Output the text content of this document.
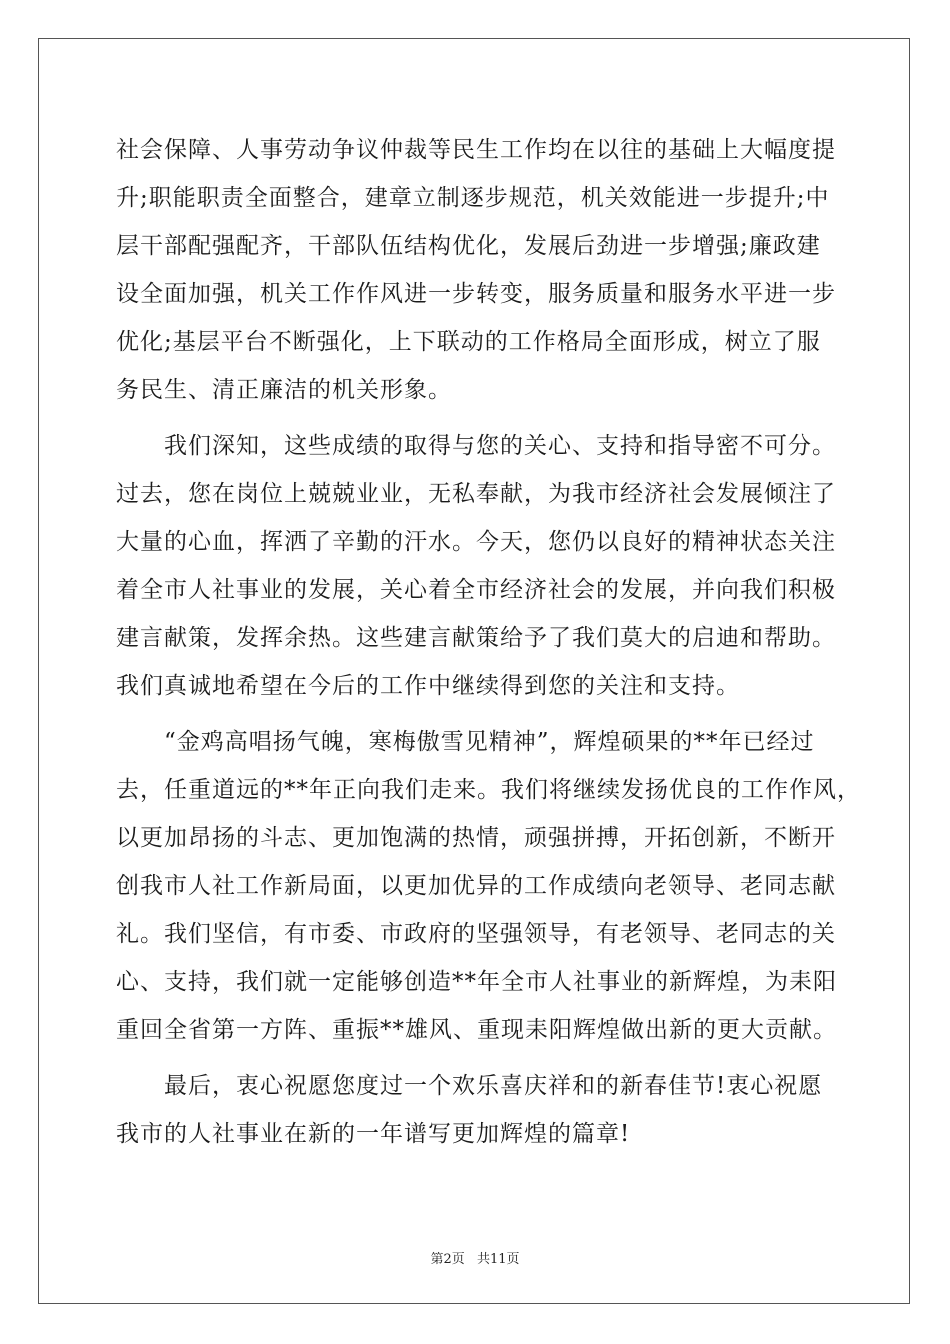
社会保障、人事劳动争议仲裁等民生工作均在以往的基础上大幅度提
升;职能职责全面整合，建章立制逐步规范，机关效能进一步提升;中
层干部配强配齐，干部队伍结构优化，发展后劲进一步增强;廉政建
设全面加强，机关工作作风进一步转变，服务质量和服务水平进一步
优化;基层平台不断强化，上下联动的工作格局全面形成，树立了服
务民生、清正廉洁的机关形象。
我们深知，这些成绩的取得与您的关心、支持和指导密不可分。
过去，您在岗位上兢兢业业，无私奉献，为我市经济社会发展倾注了
大量的心血，挥洒了辛勤的汗水。今天，您仍以良好的精神状态关注
着全市人社事业的发展，关心着全市经济社会的发展，并向我们积极
建言献策，发挥余热。这些建言献策给予了我们莫大的启迪和帮助。
我们真诚地希望在今后的工作中继续得到您的关注和支持。
“金鸡高唱扬气魄，寒梅傲雪见精神”，辉煌硕果的**年已经过
去，任重道远的**年正向我们走来。我们将继续发扬优良的工作作风，
以更加昂扬的斗志、更加饱满的热情，顽强拼搏，开拓创新，不断开
创我市人社工作新局面，以更加优异的工作成绩向老领导、老同志献
礼。我们坚信，有市委、市政府的坚强领导，有老领导、老同志的关
心、支持，我们就一定能够创造**年全市人社事业的新辉煌，为耒阳
重回全省第一方阵、重振**雄风、重现耒阳辉煌做出新的更大贡献。
最后，衷心祝愿您度过一个欢乐喜庆祥和的新春佳节!衷心祝愿
我市的人社事业在新的一年谱写更加辉煌的篇章!
第2页 共11页
